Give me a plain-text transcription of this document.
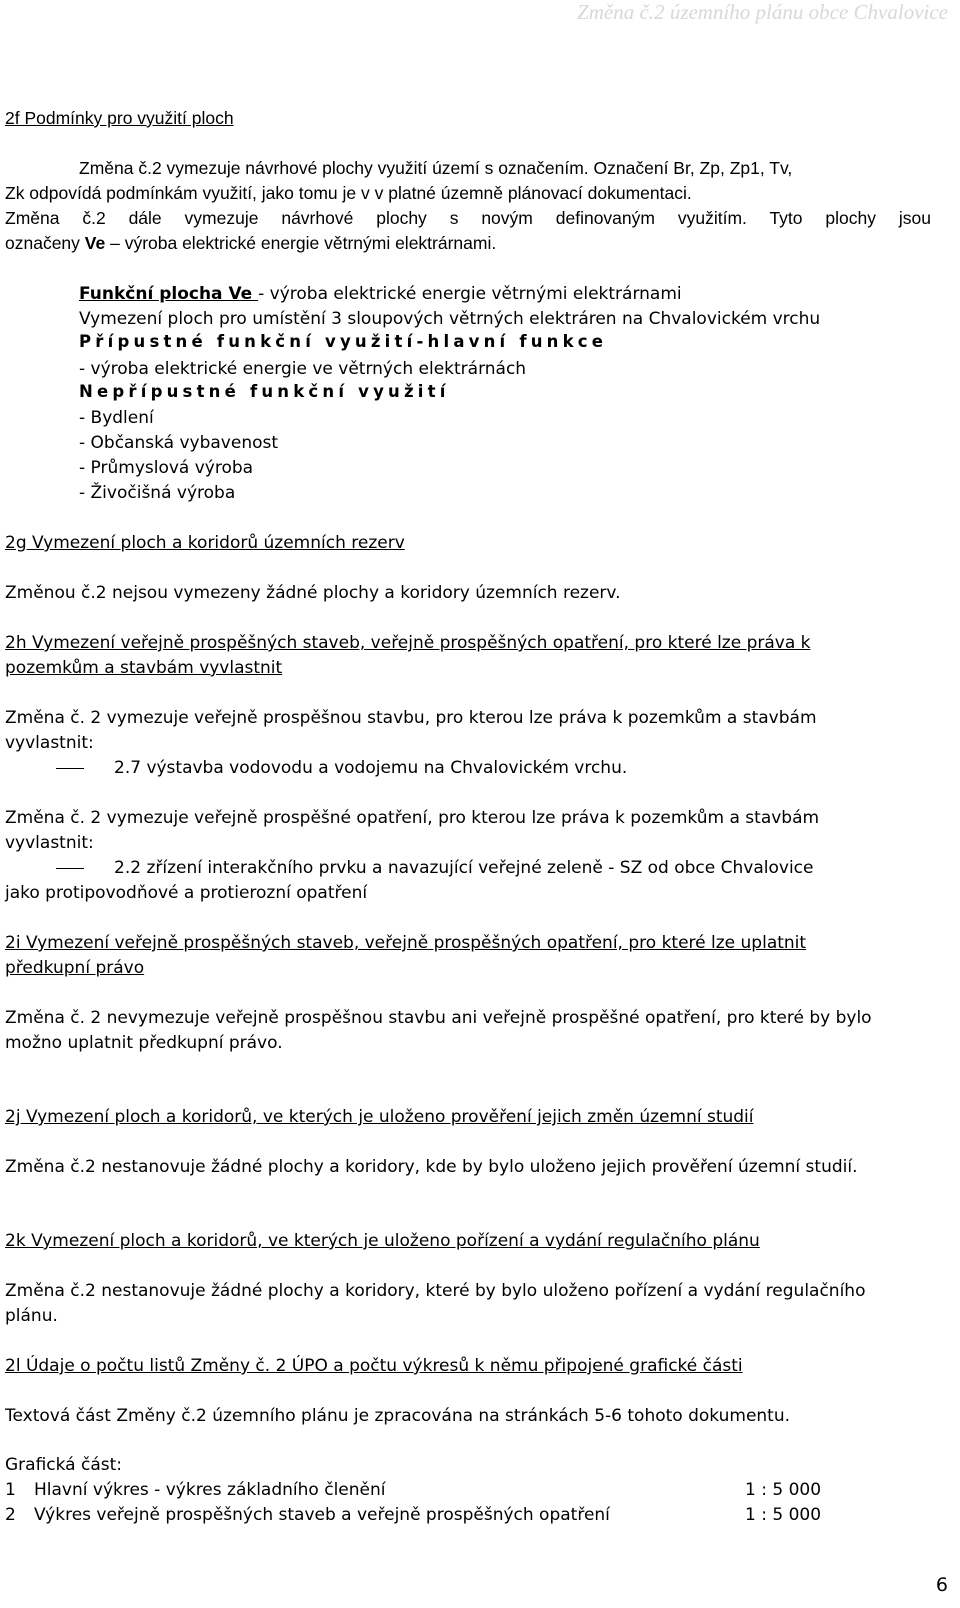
Změna č.2 územního plánu obce Chvalovice
2f Podmínky pro využití ploch
Změna č.2 vymezuje návrhové plochy využití území s označením. Označení Br, Zp, Zp1, Tv,
Zk odpovídá podmínkám využití, jako tomu je v v platné územně plánovací dokumentaci.
Změna č.2 dále vymezuje návrhové plochy s novým definovaným využitím. Tyto plochy jsou
označeny Ve – výroba elektrické energie větrnými elektrárnami.
Funkční plocha Ve - výroba elektrické energie větrnými elektrárnami
Vymezení ploch pro umístění 3 sloupových větrných elektráren na Chvalovickém vrchu
Přípustné funkční využití-hlavní funkce
- výroba elektrické energie ve větrných elektrárnách
Nepřípustné funkční využití
- Bydlení
- Občanská vybavenost
- Průmyslová výroba
- Živočišná výroba
2g Vymezení ploch a koridorů územních rezerv
Změnou č.2 nejsou vymezeny žádné plochy a koridory územních rezerv.
2h Vymezení veřejně prospěšných staveb, veřejně prospěšných opatření, pro které lze práva k
pozemkům a stavbám vyvlastnit
Změna č. 2 vymezuje veřejně prospěšnou stavbu, pro kterou lze práva k pozemkům a stavbám
vyvlastnit:
2.7 výstavba vodovodu a vodojemu na Chvalovickém vrchu.
Změna č. 2 vymezuje veřejně prospěšné opatření, pro kterou lze práva k pozemkům a stavbám
vyvlastnit:
2.2 zřízení interakčního prvku a navazující veřejné zeleně - SZ od obce Chvalovice
jako protipovodňové a protierozní opatření
2i Vymezení veřejně prospěšných staveb, veřejně prospěšných opatření, pro které lze uplatnit
předkupní právo
Změna č. 2 nevymezuje veřejně prospěšnou stavbu ani veřejně prospěšné opatření, pro které by bylo
možno uplatnit předkupní právo.
2j Vymezení ploch a koridorů, ve kterých je uloženo prověření jejich změn územní studií
Změna č.2 nestanovuje žádné plochy a koridory, kde by bylo uloženo jejich prověření územní studií.
2k Vymezení ploch a koridorů, ve kterých je uloženo pořízení a vydání regulačního plánu
Změna č.2 nestanovuje žádné plochy a koridory, které by bylo uloženo pořízení a vydání regulačního
plánu.
2l Údaje o počtu listů Změny č. 2 ÚPO a počtu výkresů k němu připojené grafické části
Textová část Změny č.2 územního plánu je zpracována na stránkách 5-6 tohoto dokumentu.
Grafická část:
1 Hlavní výkres - výkres základního členění	1 : 5 000
2 Výkres veřejně prospěšných staveb a veřejně prospěšných opatření	1 : 5 000
6
